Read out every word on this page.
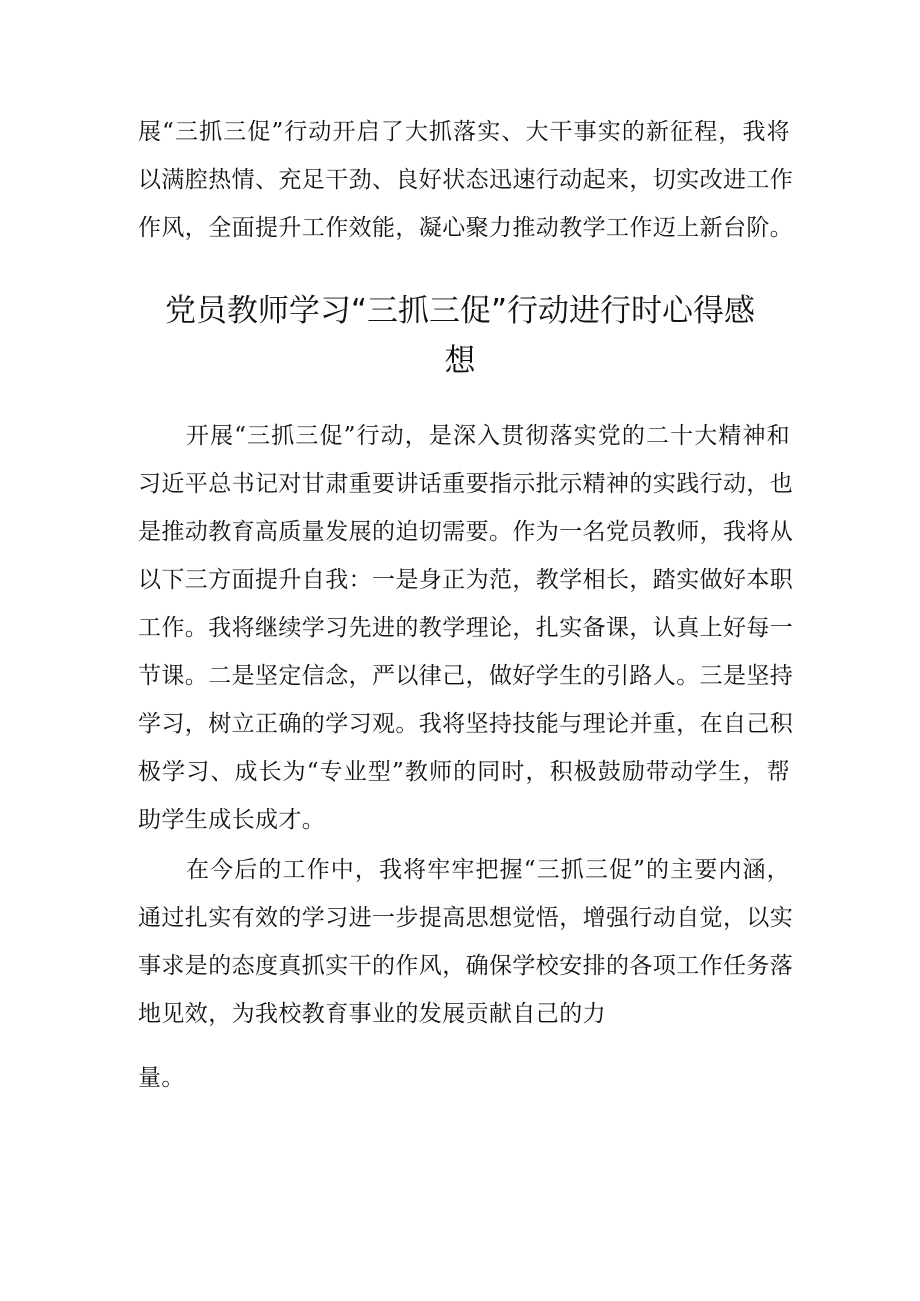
展“三抓三促”行动开启了大抓落实、大干事实的新征程，我将
以满腔热情、充足干劲、良好状态迅速行动起来，切实改进工作
作风，全面提升工作效能，凝心聚力推动教学工作迈上新台阶。
党员教师学习“三抓三促”行动进行时心得感
想
开展“三抓三促”行动，是深入贯彻落实党的二十大精神和
习近平总书记对甘肃重要讲话重要指示批示精神的实践行动，也
是推动教育高质量发展的迫切需要。作为一名党员教师，我将从
以下三方面提升自我：一是身正为范，教学相长，踏实做好本职
工作。我将继续学习先进的教学理论，扎实备课，认真上好每一
节课。二是坚定信念，严以律己，做好学生的引路人。三是坚持
学习，树立正确的学习观。我将坚持技能与理论并重，在自己积
极学习、成长为“专业型”教师的同时，积极鼓励带动学生，帮
助学生成长成才。
在今后的工作中，我将牢牢把握“三抓三促”的主要内涵，
通过扎实有效的学习进一步提高思想觉悟，增强行动自觉，以实
事求是的态度真抓实干的作风，确保学校安排的各项工作任务落
地见效，为我校教育事业的发展贡献自己的力
量。
